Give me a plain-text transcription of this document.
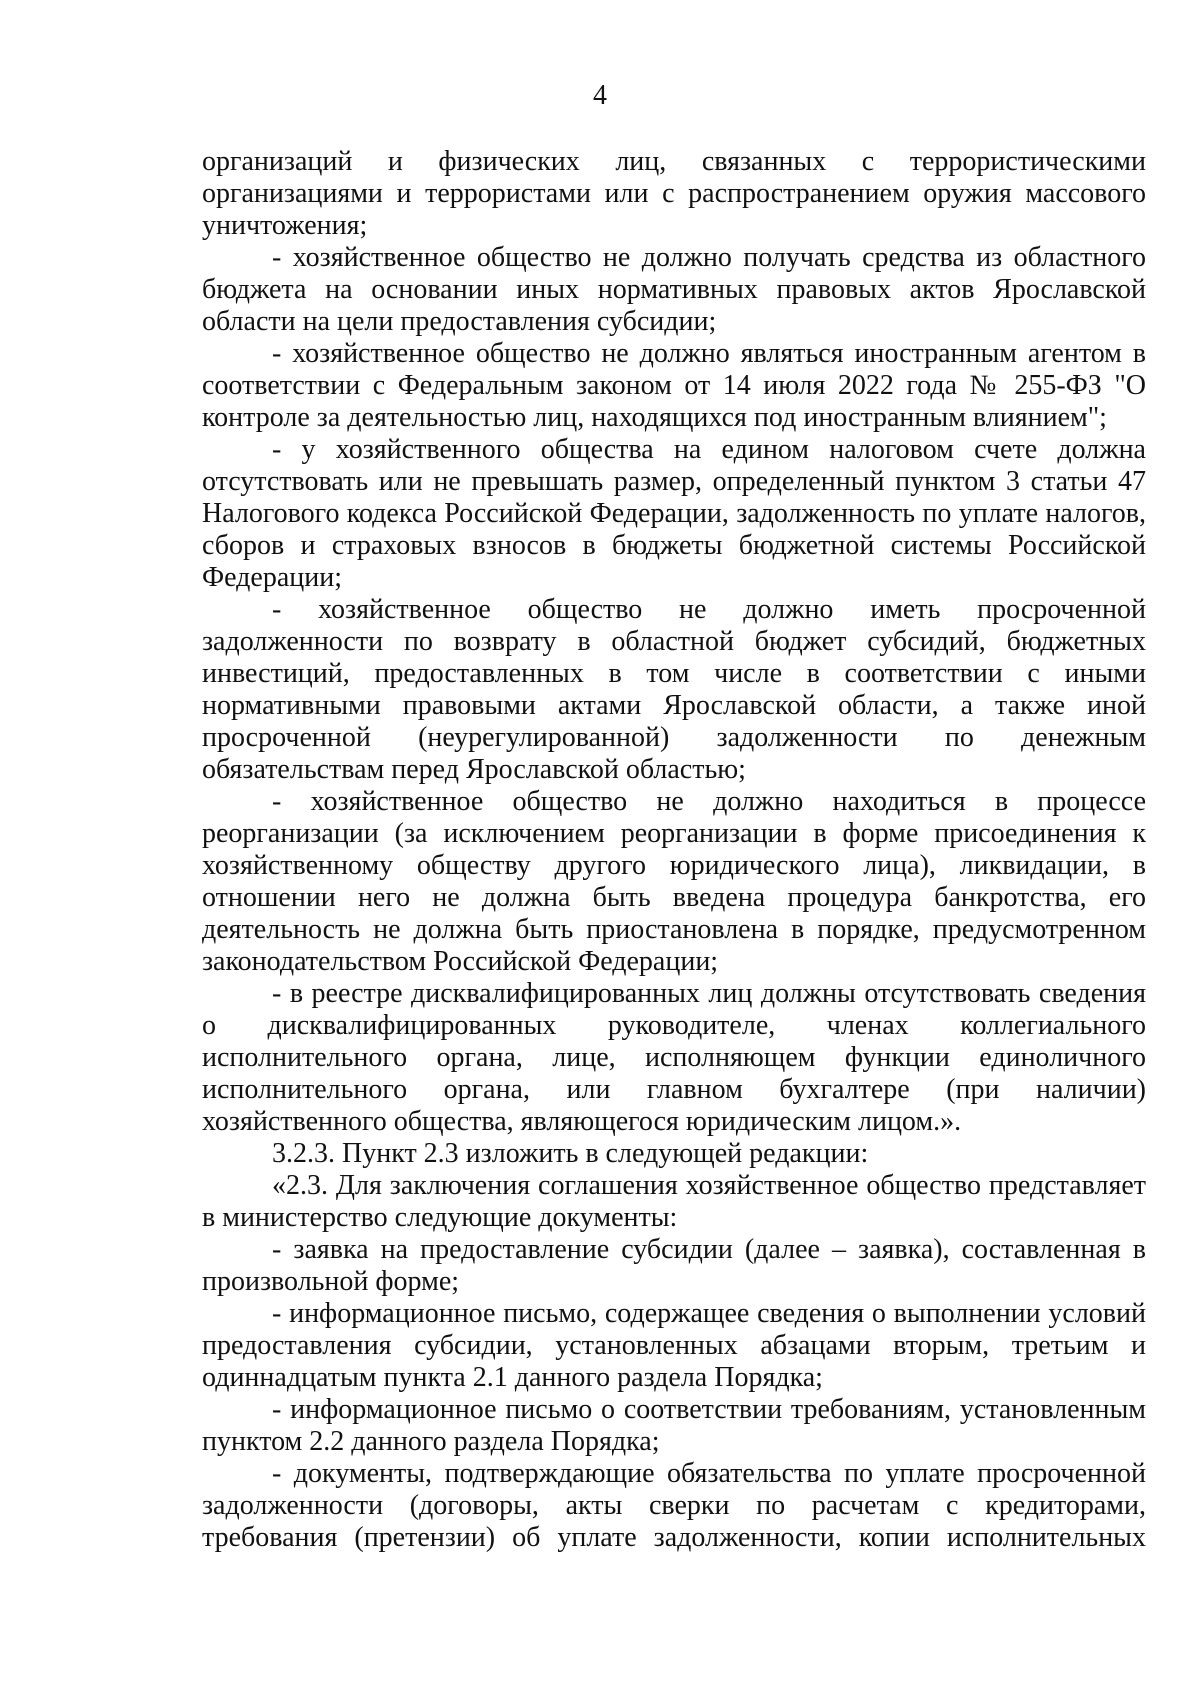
4

организаций и физических лиц, связанных с террористическими организациями и террористами или с распространением оружия массового уничтожения;

- хозяйственное общество не должно получать средства из областного бюджета на основании иных нормативных правовых актов Ярославской области на цели предоставления субсидии;

- хозяйственное общество не должно являться иностранным агентом в соответствии с Федеральным законом от 14 июля 2022 года № 255-ФЗ "О контроле за деятельностью лиц, находящихся под иностранным влиянием";

- у хозяйственного общества на едином налоговом счете должна отсутствовать или не превышать размер, определенный пунктом 3 статьи 47 Налогового кодекса Российской Федерации, задолженность по уплате налогов, сборов и страховых взносов в бюджеты бюджетной системы Российской Федерации;

- хозяйственное общество не должно иметь просроченной задолженности по возврату в областной бюджет субсидий, бюджетных инвестиций, предоставленных в том числе в соответствии с иными нормативными правовыми актами Ярославской области, а также иной просроченной (неурегулированной) задолженности по денежным обязательствам перед Ярославской областью;

- хозяйственное общество не должно находиться в процессе реорганизации (за исключением реорганизации в форме присоединения к хозяйственному обществу другого юридического лица), ликвидации, в отношении него не должна быть введена процедура банкротства, его деятельность не должна быть приостановлена в порядке, предусмотренном законодательством Российской Федерации;

- в реестре дисквалифицированных лиц должны отсутствовать сведения о дисквалифицированных руководителе, членах коллегиального исполнительного органа, лице, исполняющем функции единоличного исполнительного органа, или главном бухгалтере (при наличии) хозяйственного общества, являющегося юридическим лицом.».

3.2.3. Пункт 2.3 изложить в следующей редакции:

«2.3. Для заключения соглашения хозяйственное общество представляет в министерство следующие документы:

- заявка на предоставление субсидии (далее – заявка), составленная в произвольной форме;

- информационное письмо, содержащее сведения о выполнении условий предоставления субсидии, установленных абзацами вторым, третьим и одиннадцатым пункта 2.1 данного раздела Порядка;

- информационное письмо о соответствии требованиям, установленным пунктом 2.2 данного раздела Порядка;

- документы, подтверждающие обязательства по уплате просроченной задолженности (договоры, акты сверки по расчетам с кредиторами, требования (претензии) об уплате задолженности, копии исполнительных
